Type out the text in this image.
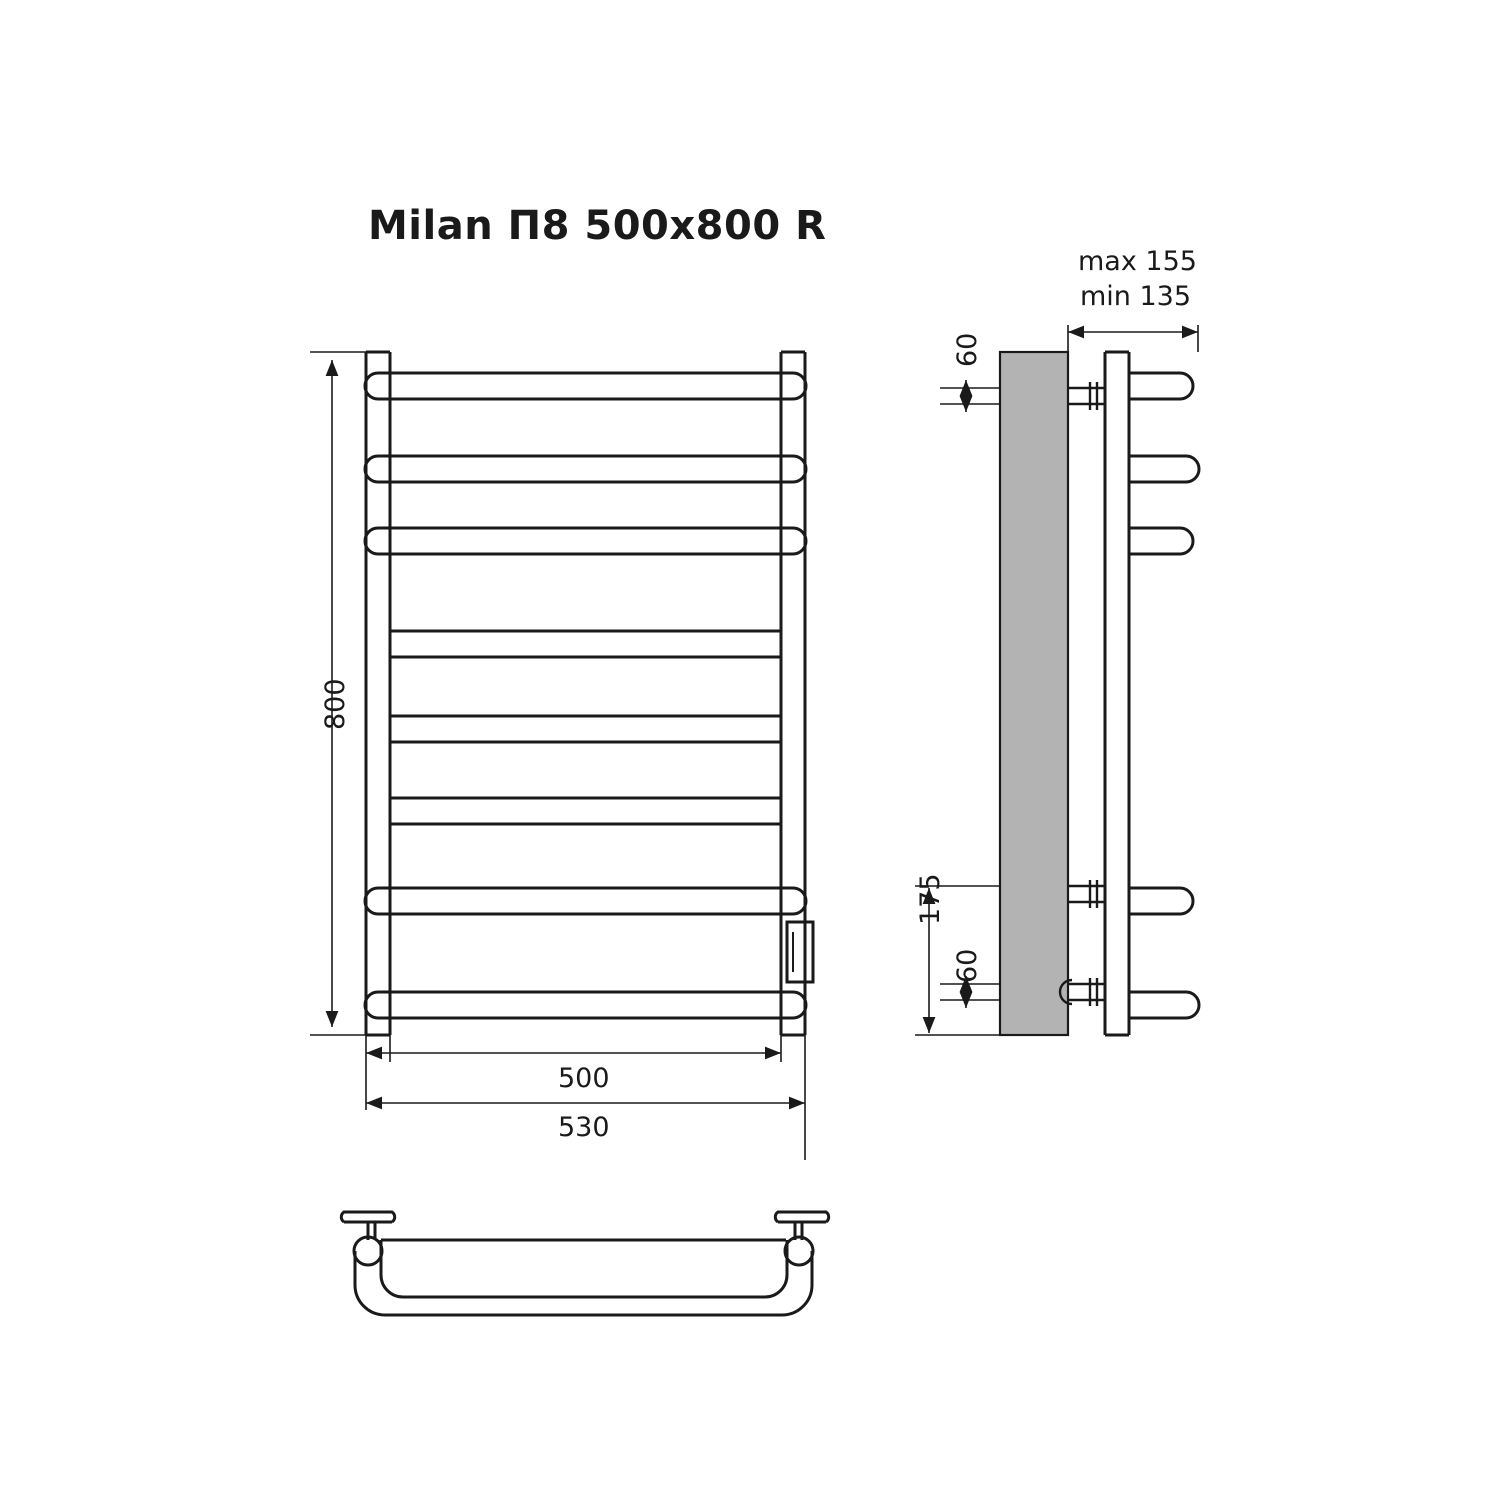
Milan П8 500x800 R
800
500
530
max 155
min 135
60
60
175
